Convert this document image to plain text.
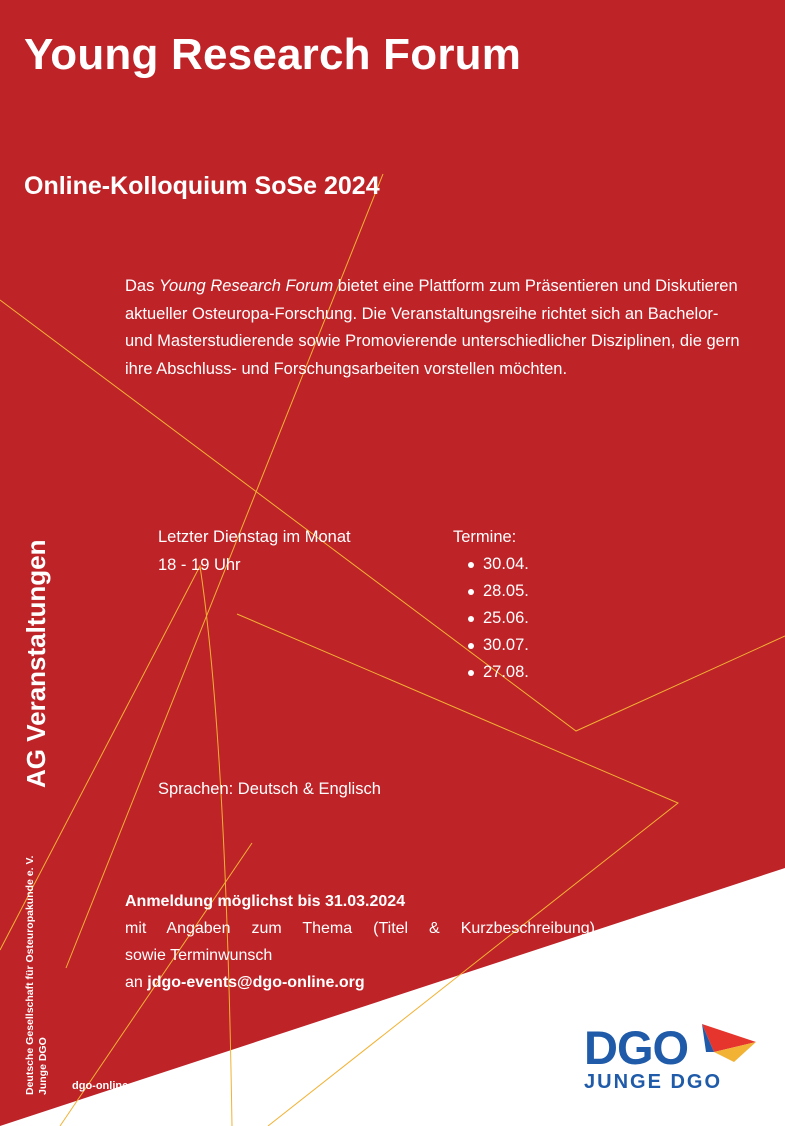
Young Research Forum
Online-Kolloquium SoSe 2024

Das Young Research Forum bietet eine Plattform zum Präsentieren und Diskutieren aktueller Osteuropa-Forschung. Die Veranstaltungsreihe richtet sich an Bachelor- und Masterstudierende sowie Promovierende unterschiedlicher Disziplinen, die gern ihre Abschluss- und Forschungsarbeiten vorstellen möchten.

Letzter Dienstag im Monat
18 - 19 Uhr
Termine:
30.04.
28.05.
25.06.
30.07.
27.08.
Sprachen: Deutsch & Englisch
Anmeldung möglichst bis 31.03.2024
mit Angaben zum Thema (Titel & Kurzbeschreibung)
sowie Terminwunsch
an jdgo-events@dgo-online.org
AG Veranstaltungen
Deutsche Gesellschaft für Osteuropakunde e. V. Junge DGO dgo-online.org
DGO
JUNGE DGO
